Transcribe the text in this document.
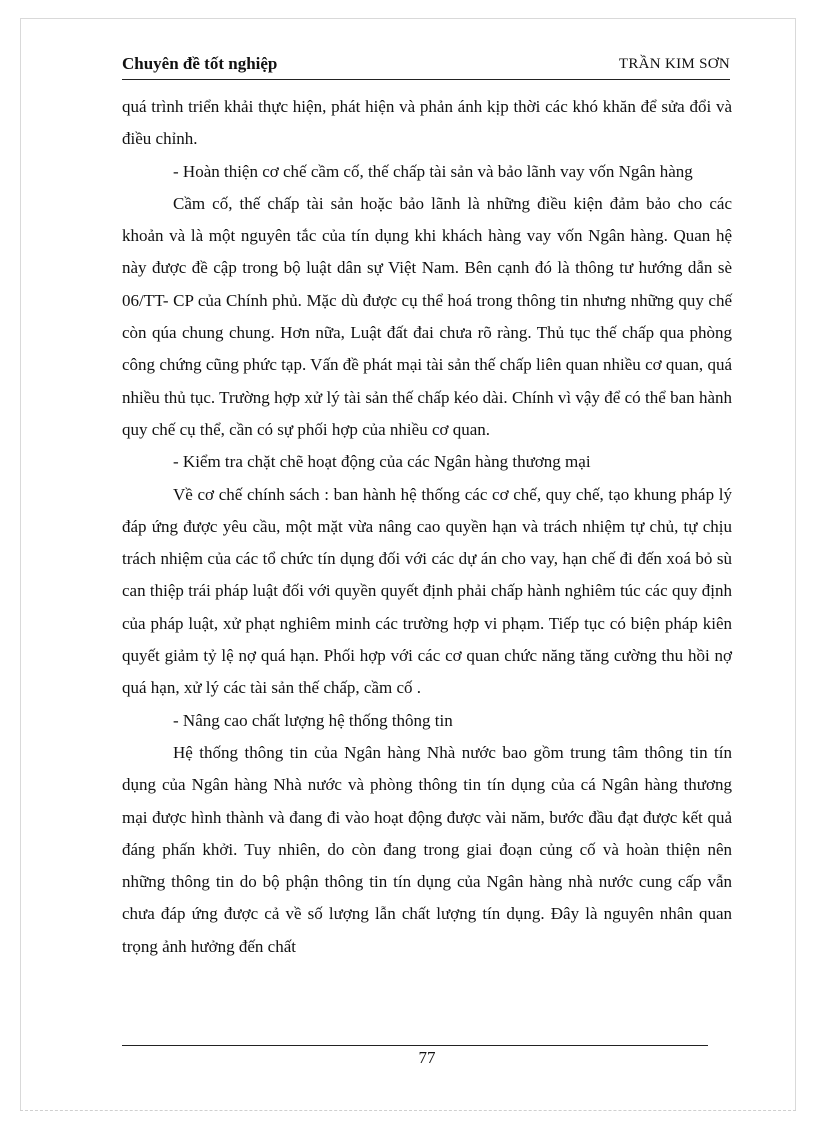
Chuyên đề tốt nghiệp	TRẦN KIM SƠN

quá trình triển khải thực hiện, phát hiện và phản ánh kịp thời các khó khăn để sửa đổi và điều chỉnh.

- Hoàn thiện cơ chế cầm cố, thế chấp tài sản và bảo lãnh vay vốn Ngân hàng

Cầm cố, thế chấp tài sản hoặc bảo lãnh là những điều kiện đảm bảo cho các khoản và là một nguyên tắc của tín dụng khi khách hàng vay vốn Ngân hàng. Quan hệ này được đề cập trong bộ luật dân sự Việt Nam. Bên cạnh đó là thông tư hướng dẫn sè 06/TT- CP của Chính phủ. Mặc dù được cụ thể hoá trong thông tin nhưng những quy chế còn qúa chung chung. Hơn nữa, Luật đất đai chưa rõ ràng. Thủ tục thế chấp qua phòng công chứng cũng phức tạp. Vấn đề phát mại tài sản thế chấp liên quan nhiều cơ quan, quá nhiều thủ tục. Trường hợp xử lý tài sản thế chấp kéo dài. Chính vì vậy để có thể ban hành quy chế cụ thể, cần có sự phối hợp của nhiều cơ quan.

- Kiểm tra chặt chẽ hoạt động của các Ngân hàng thương mại

Về cơ chế chính sách : ban hành hệ thống các cơ chế, quy chế, tạo khung pháp lý đáp ứng được yêu cầu, một mặt vừa nâng cao quyền hạn và trách nhiệm tự chủ, tự chịu trách nhiệm của các tổ chức tín dụng đối với các dự án cho vay, hạn chế đi đến xoá bỏ sù can thiệp trái pháp luật đối với quyền quyết định phải chấp hành nghiêm túc các quy định của pháp luật, xử phạt nghiêm minh các trường hợp vi phạm. Tiếp tục có biện pháp kiên quyết giảm tỷ lệ nợ quá hạn. Phối hợp với các cơ quan chức năng tăng cường thu hồi nợ quá hạn, xử lý các tài sản thế chấp, cầm cố .

- Nâng cao chất lượng hệ thống thông tin

Hệ thống thông tin của Ngân hàng Nhà nước bao gồm trung tâm thông tin tín dụng của Ngân hàng Nhà nước và phòng thông tin tín dụng của cá Ngân hàng thương mại được hình thành và đang đi vào hoạt động được vài năm, bước đầu đạt được kết quả đáng phấn khởi. Tuy nhiên, do còn đang trong giai đoạn củng cố và hoàn thiện nên những thông tin do bộ phận thông tin tín dụng của Ngân hàng nhà nước cung cấp vẫn chưa đáp ứng được cả về số lượng lẫn chất lượng tín dụng. Đây là nguyên nhân quan trọng ảnh hưởng đến chất

77
